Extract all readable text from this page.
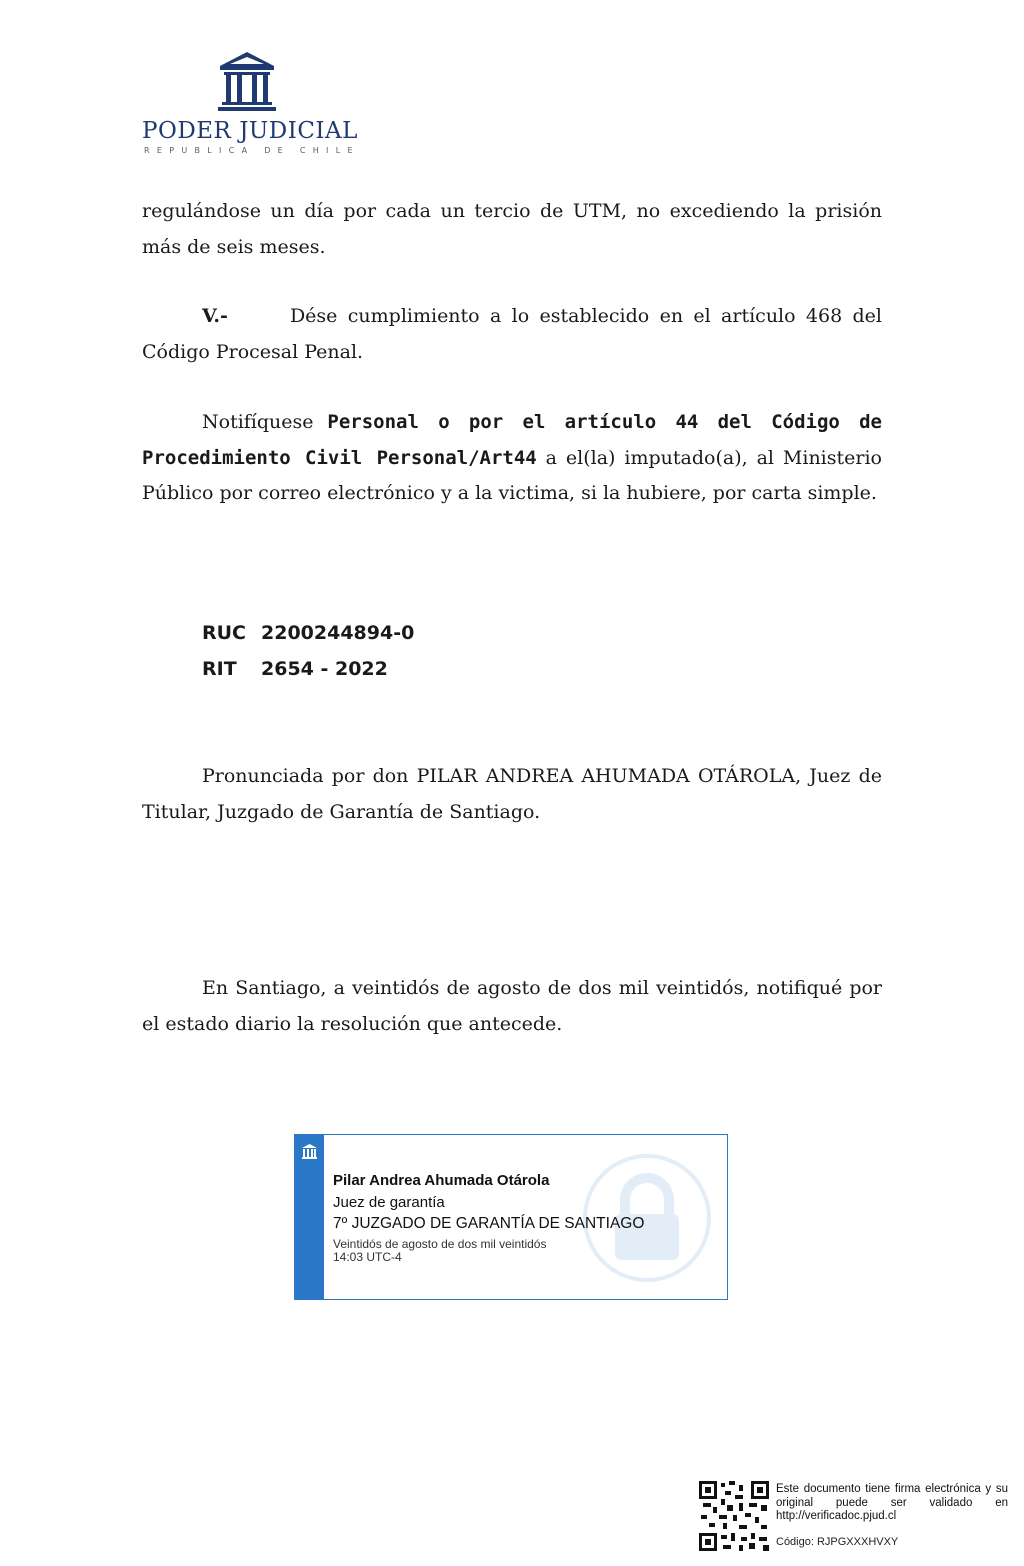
PODER JUDICIAL
REPUBLICA DE CHILE

regulándose un día por cada un tercio de UTM, no excediendo la prisión más de seis meses.

V.-	Dése cumplimiento a lo establecido en el artículo 468 del Código Procesal Penal.

Notifíquese Personal o por el artículo 44 del Código de Procedimiento Civil Personal/Art44 a el(la) imputado(a), al Ministerio Público por correo electrónico y a la victima, si la hubiere, por carta simple.

RUC 2200244894-0
RIT 2654 - 2022

Pronunciada por don PILAR ANDREA AHUMADA OTÁROLA, Juez de Titular, Juzgado de Garantía de Santiago.

En Santiago, a veintidós de agosto de dos mil veintidós, notifiqué por el estado diario la resolución que antecede.

Pilar Andrea Ahumada Otárola
Juez de garantía
7º JUZGADO DE GARANTÍA DE SANTIAGO
Veintidós de agosto de dos mil veintidós
14:03 UTC-4
Este documento tiene firma electrónica y su original puede ser validado en http://verificadoc.pjud.cl
Código: RJPGXXXHVXY
